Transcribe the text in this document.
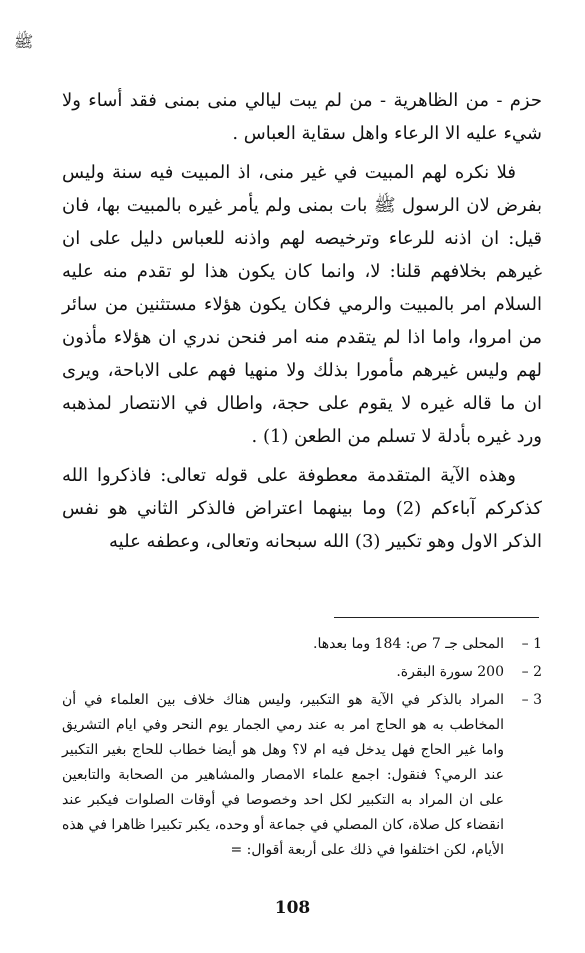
ﷺ

حزم - من الظاهرية - من لم يبت ليالي منى بمنى فقد أساء ولا شيء عليه الا الرعاء واهل سقاية العباس .

فلا نكره لهم المبيت في غير منى، اذ المبيت فيه سنة وليس بفرض لان الرسول ﷺ بات بمنى ولم يأمر غيره بالمبيت بها، فان قيل: ان اذنه للرعاء وترخيصه لهم واذنه للعباس دليل على ان غيرهم بخلافهم قلنا: لا، وانما كان يكون هذا لو تقدم منه عليه السلام امر بالمبيت والرمي فكان يكون هؤلاء مستثنين من سائر من امروا، واما اذا لم يتقدم منه امر فنحن ندري ان هؤلاء مأذون لهم وليس غيرهم مأمورا بذلك ولا منهيا فهم على الاباحة، ويرى ان ما قاله غيره لا يقوم على حجة، واطال في الانتصار لمذهبه ورد غيره بأدلة لا تسلم من الطعن (1) .

وهذه الآية المتقدمة معطوفة على قوله تعالى: فاذكروا الله كذكركم آباءكم (2) وما بينهما اعتراض فالذكر الثاني هو نفس الذكر الاول وهو تكبير (3) الله سبحانه وتعالى، وعطفه عليه

1 –
المحلى جـ 7 ص: 184 وما بعدها.
2 –
200 سورة البقرة.
3 –
المراد بالذكر في الآية هو التكبير، وليس هناك خلاف بين العلماء في أن المخاطب به هو الحاج امر به عند رمي الجمار يوم النحر وفي ايام التشريق واما غير الحاج فهل يدخل فيه ام لا؟ وهل هو أيضا خطاب للحاج بغير التكبير عند الرمي؟ فنقول: اجمع علماء الامصار والمشاهير من الصحابة والتابعين على ان المراد به التكبير لكل احد وخصوصا في أوقات الصلوات فيكبر عند انقضاء كل صلاة، كان المصلي في جماعة أو وحده، يكبر تكبيرا ظاهرا في هذه الأيام، لكن اختلفوا في ذلك على أربعة أقوال: =
108
